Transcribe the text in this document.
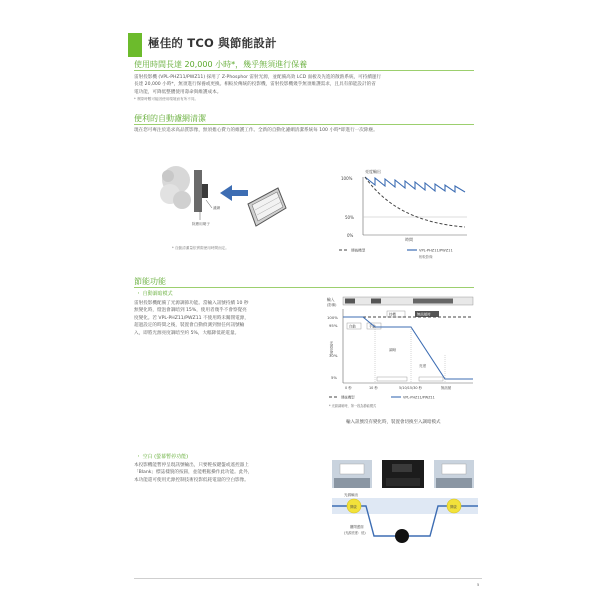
極佳的 TCO 與節能設計
使用時間長達 20,000 小時*，幾乎無須進行保養
雷射投影機 (VPL-PHZ11/PWZ11) 採用了 Z-Phosphor 雷射光源，並配備高效 LCD 面板及先進的散熱系統，可持續運行
長達 20,000 小時*，無須進行保養或更換。相較於傳統的投影機，雷射投影機幾乎無須維護需求，且具有節能設計的省
電功能，可降低整體使用壽命與維護成本。
* 實際時數可能因使用環境而有所不同。
便利的自動濾網清潔
現在您可專注於追求高品質影像，無須擔心費力的維護工作。全新的自動化濾網清潔系統每 100 小時*即進行一次除塵。
濾網
除塵用刷子
* 自動清潔量依實際使用時間而定。
亮度輸出
100%
50%
0%
時間
傳統機型	VPL-PHZ11/PWZ11
相較影像
節能功能
・ 自動調暗模式
雷射投影機配備了光源調節功能。當輸入訊號持續 10 秒
無變化時，燈泡會調暗到 15%，使用者幾乎不會察覺亮
度變化。若 VPL-PHZ11/PWZ11 不使用時未關閉電源，
超過設定的時間之後，裝置會自動偵測到無任何訊號輸
入，即將光源亮度調暗至約 5%，大幅降低耗電量。
輸入
(影像)
100%
95%
30%
5%
光源亮度
自動	手動
待機	無訊號時
調暗
亮度
0 秒	10 秒	5/10/15/30 秒	無訊號
傳統機型	VPL-PHZ11/PWZ11
* 光源調暗時，第一段為節能模式
輸入訊號沒有變化時，裝置會切換至入調暗模式
・ 空白 (螢幕暫停功能)
本投影機能暫停呈現訊號輸出，只要輕按鍵盤或遙控器上
「Blank」標誌樣貌的按鈕，並能輕鬆操作此功能。此外，
本功能還可使用光源控制技術投影低耗電量的空白影像。
光源輸出
開啟	開啟
關閉畫面
(光源亮度：低)
5
